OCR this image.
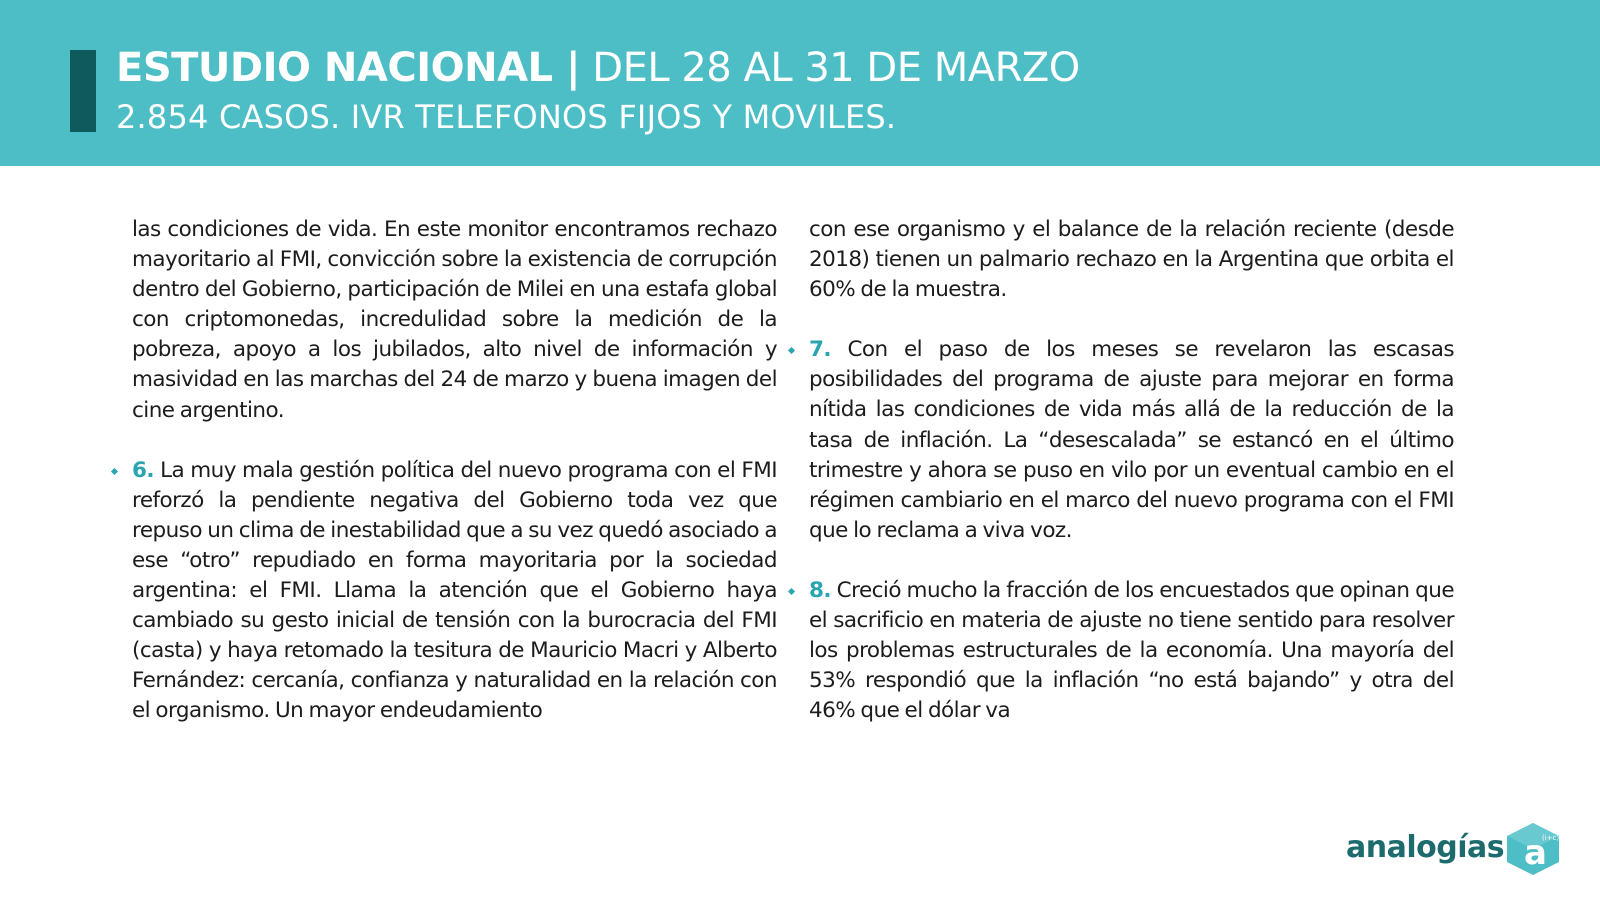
ESTUDIO NACIONAL | DEL 28 AL 31 DE MARZO
2.854 CASOS. IVR TELEFONOS FIJOS Y MOVILES.

las condiciones de vida. En este monitor encontramos rechazo mayoritario al FMI, convicción sobre la existencia de corrupción dentro del Gobierno, participación de Milei en una estafa global con criptomonedas, incredulidad sobre la medición de la pobreza, apoyo a los jubilados, alto nivel de información y masividad en las marchas del 24 de marzo y buena imagen del cine argentino.

6. La muy mala gestión política del nuevo programa con el FMI reforzó la pendiente negativa del Gobierno toda vez que repuso un clima de inestabilidad que a su vez quedó asociado a ese “otro” repudiado en forma mayoritaria por la sociedad argentina: el FMI. Llama la atención que el Gobierno haya cambiado su gesto inicial de tensión con la burocracia del FMI (casta) y haya retomado la tesitura de Mauricio Macri y Alberto Fernández: cercanía, confianza y naturalidad en la relación con el organismo. Un mayor endeudamiento

con ese organismo y el balance de la relación reciente (desde 2018) tienen un palmario rechazo en la Argentina que orbita el 60% de la muestra.

7. Con el paso de los meses se revelaron las escasas posibilidades del programa de ajuste para mejorar en forma nítida las condiciones de vida más allá de la reducción de la tasa de inflación. La “desescalada” se estancó en el último trimestre y ahora se puso en vilo por un eventual cambio en el régimen cambiario en el marco del nuevo programa con el FMI que lo reclama a viva voz.

8. Creció mucho la fracción de los encuestados que opinan que el sacrificio en materia de ajuste no tiene sentido para resolver los problemas estructurales de la economía. Una mayoría del 53% respondió que la inflación “no está bajando” y otra del 46% que el dólar va

analogías a
(i+c)
